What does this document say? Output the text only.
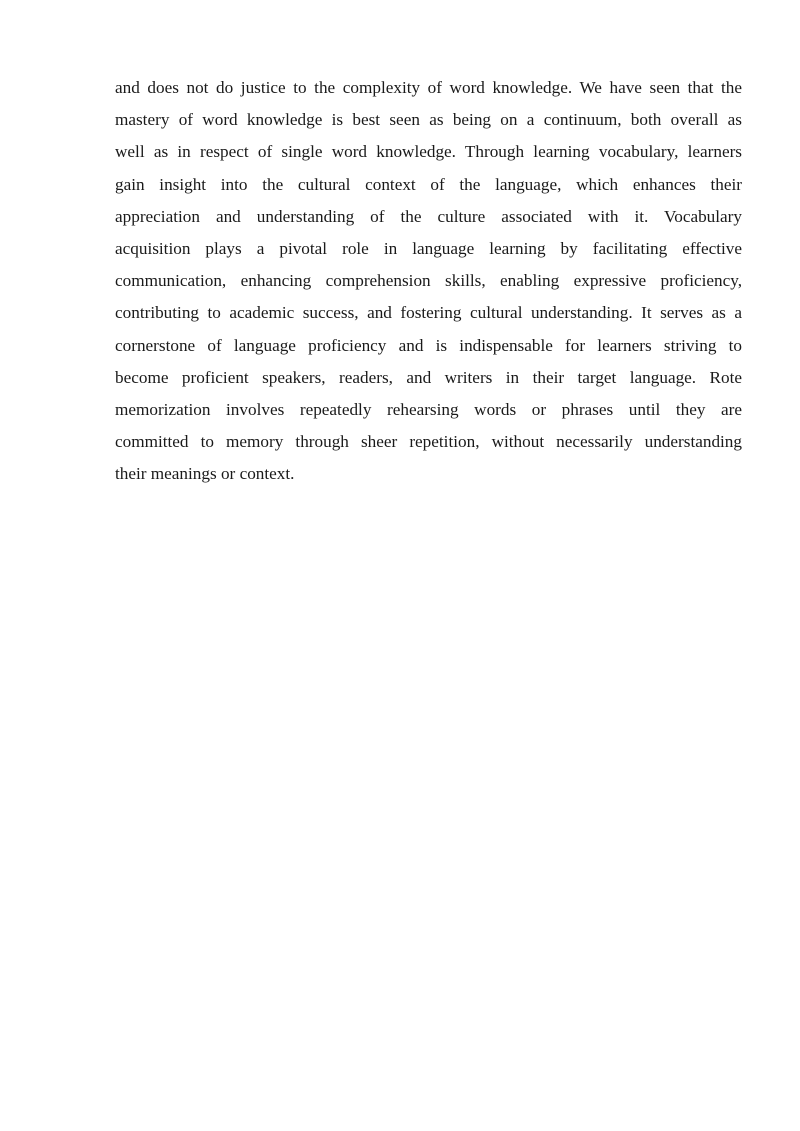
and does not do justice to the complexity of word knowledge. We have seen that the
mastery of word knowledge is best seen as being on a continuum, both overall as
well as in respect of single word knowledge. Through learning vocabulary, learners
gain insight into the cultural context of the language, which enhances their
appreciation and understanding of the culture associated with it. Vocabulary
acquisition plays a pivotal role in language learning by facilitating effective
communication, enhancing comprehension skills, enabling expressive proficiency,
contributing to academic success, and fostering cultural understanding. It serves as a
cornerstone of language proficiency and is indispensable for learners striving to
become proficient speakers, readers, and writers in their target language. Rote
memorization involves repeatedly rehearsing words or phrases until they are
committed to memory through sheer repetition, without necessarily understanding
their meanings or context.
